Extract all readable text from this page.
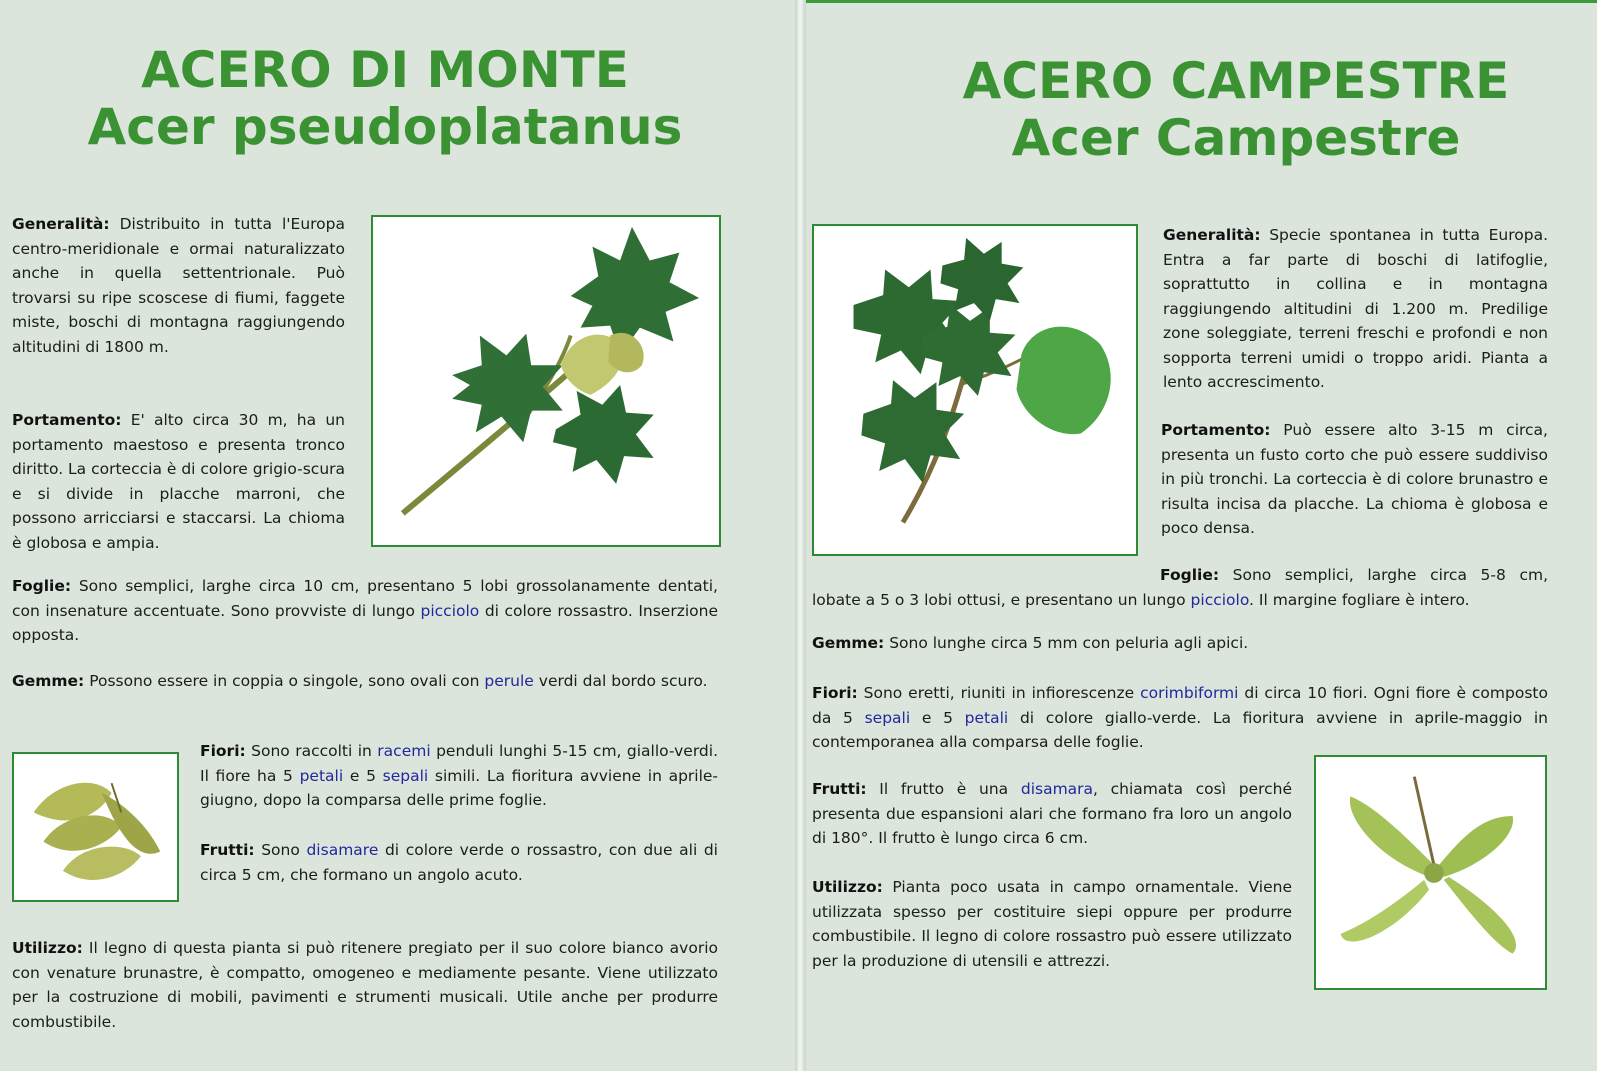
ACERO DI MONTE
Acer pseudoplatanus

Generalità: Distribuito in tutta l'Europa centro-meridionale e ormai naturalizzato anche in quella settentrionale. Può trovarsi su ripe scoscese di fiumi, faggete miste, boschi di montagna raggiungendo altitudini di 1800 m.

Portamento: E' alto circa 30 m, ha un portamento maestoso e presenta tronco diritto. La corteccia è di colore grigio-scura e si divide in placche marroni, che possono arricciarsi e staccarsi. La chioma è globosa e ampia.

Foglie: Sono semplici, larghe circa 10 cm, presentano 5 lobi grossolanamente dentati, con insenature accentuate. Sono provviste di lungo picciolo di colore rossastro. Inserzione opposta.

Gemme: Possono essere in coppia o singole, sono ovali con perule verdi dal bordo scuro.

Fiori: Sono raccolti in racemi penduli lunghi 5-15 cm, giallo-verdi. Il fiore ha 5 petali e 5 sepali simili. La fioritura avviene in aprile-giugno, dopo la comparsa delle prime foglie.

Frutti: Sono disamare di colore verde o rossastro, con due ali di circa 5 cm, che formano un angolo acuto.

Utilizzo: Il legno di questa pianta si può ritenere pregiato per il suo colore bianco avorio con venature brunastre, è compatto, omogeneo e mediamente pesante. Viene utilizzato per la costruzione di mobili, pavimenti e strumenti musicali. Utile anche per produrre combustibile.

ACERO CAMPESTRE
Acer Campestre

Generalità: Specie spontanea in tutta Europa. Entra a far parte di boschi di latifoglie, soprattutto in collina e in montagna raggiungendo altitudini di 1.200 m. Predilige zone soleggiate, terreni freschi e profondi e non sopporta terreni umidi o troppo aridi. Pianta a lento accrescimento.

Portamento: Può essere alto 3-15 m circa, presenta un fusto corto che può essere suddiviso in più tronchi. La corteccia è di colore brunastro e risulta incisa da placche. La chioma è globosa e poco densa.

Foglie: Sono semplici, larghe circa 5-8 cm, lobate a 5 o 3 lobi ottusi, e presentano un lungo picciolo. Il margine fogliare è intero.

Gemme: Sono lunghe circa 5 mm con peluria agli apici.

Fiori: Sono eretti, riuniti in infiorescenze corimbiformi di circa 10 fiori. Ogni fiore è composto da 5 sepali e 5 petali di colore giallo-verde. La fioritura avviene in aprile-maggio in contemporanea alla comparsa delle foglie.

Frutti: Il frutto è una disamara, chiamata così perché presenta due espansioni alari che formano fra loro un angolo di 180°. Il frutto è lungo circa 6 cm.

Utilizzo: Pianta poco usata in campo ornamentale. Viene utilizzata spesso per costituire siepi oppure per produrre combustibile. Il legno di colore rossastro può essere utilizzato per la produzione di utensili e attrezzi.
